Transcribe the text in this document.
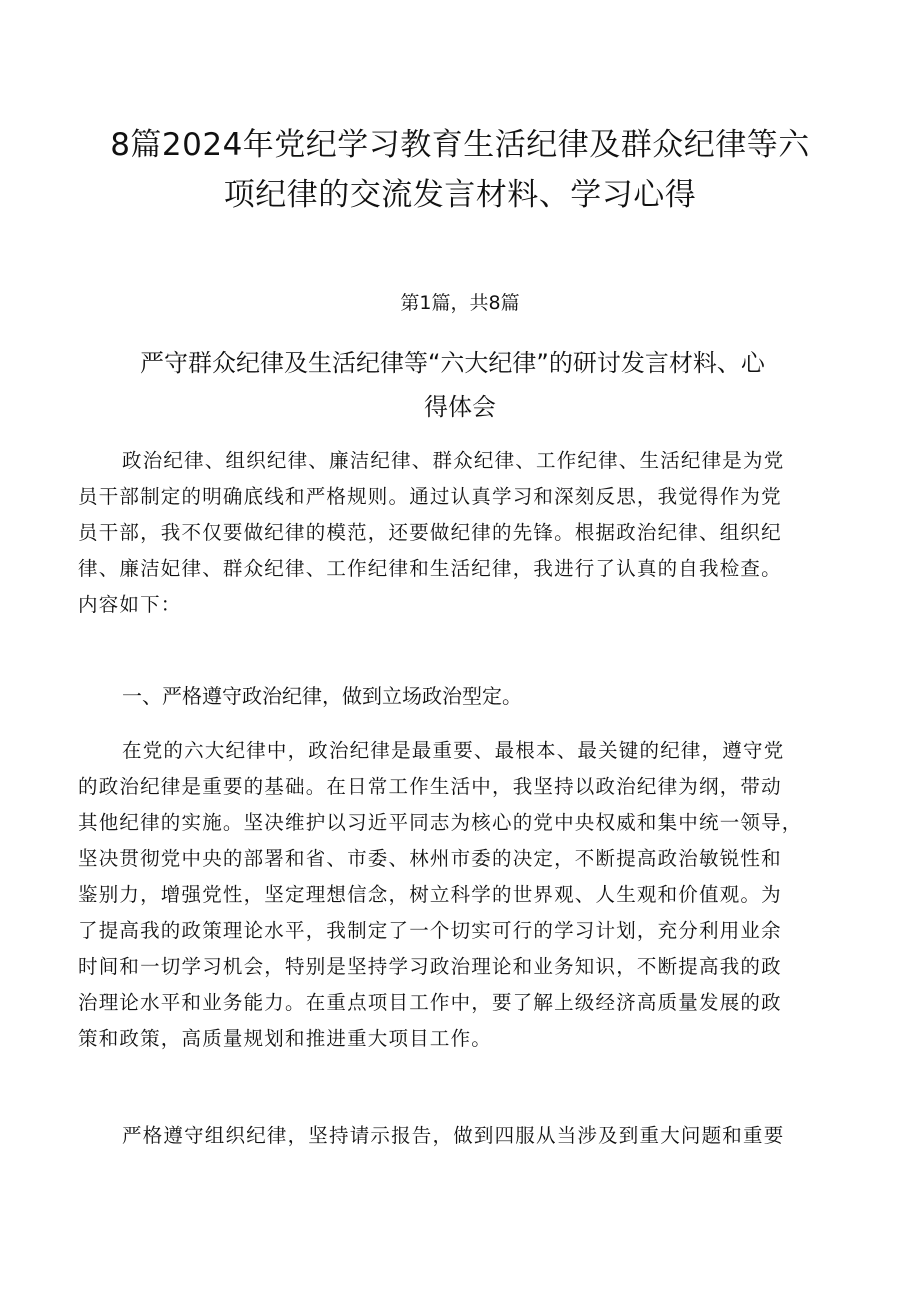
8篇2024年党纪学习教育生活纪律及群众纪律等六
项纪律的交流发言材料、学习心得
第1篇，共8篇
严守群众纪律及生活纪律等“六大纪律”的研讨发言材料、心
得体会
政治纪律、组织纪律、廉洁纪律、群众纪律、工作纪律、生活纪律是为党
员干部制定的明确底线和严格规则。通过认真学习和深刻反思，我觉得作为党
员干部，我不仅要做纪律的模范，还要做纪律的先锋。根据政治纪律、组织纪
律、廉洁妃律、群众纪律、工作纪律和生活纪律，我进行了认真的自我检查。
内容如下：
一、严格遵守政治纪律，做到立场政治型定。
在党的六大纪律中，政治纪律是最重要、最根本、最关键的纪律，遵守党
的政治纪律是重要的基础。在日常工作生活中，我坚持以政治纪律为纲，带动
其他纪律的实施。坚决维护以习近平同志为核心的党中央权威和集中统一领导，
坚决贯彻党中央的部署和省、市委、林州市委的决定，不断提高政治敏锐性和
鉴别力，增强党性，坚定理想信念，树立科学的世界观、人生观和价值观。为
了提高我的政策理论水平，我制定了一个切实可行的学习计划，充分利用业余
时间和一切学习机会，特别是坚持学习政治理论和业务知识，不断提高我的政
治理论水平和业务能力。在重点项目工作中，要了解上级经济高质量发展的政
策和政策，高质量规划和推进重大项目工作。
严格遵守组织纪律，坚持请示报告，做到四服从当涉及到重大问题和重要
